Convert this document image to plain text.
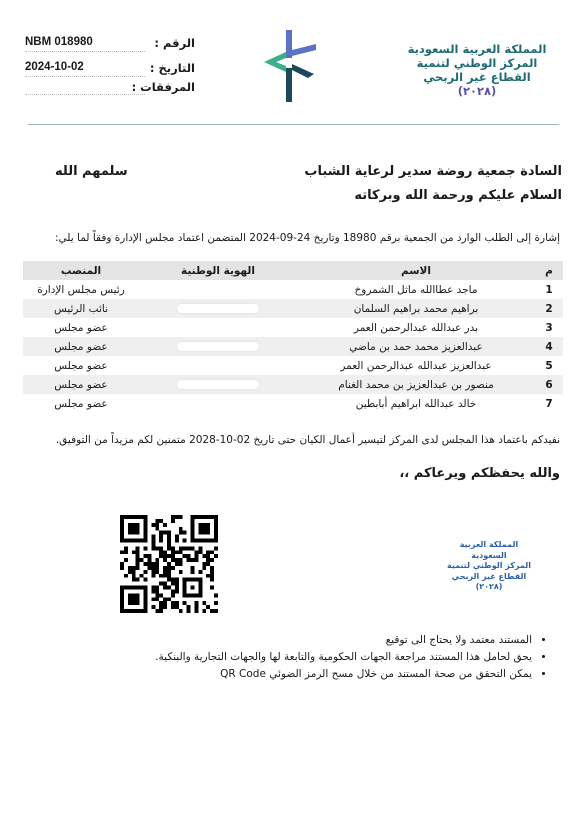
NBM 018980	الرقم :
2024-10-02	التاريخ :
المرفقات :
المملكة العربية السعودية
المركز الوطني لتنمية
القطاع غير الربحي
(٢٠٢٨)
السادة جمعية روضة سدير لرعاية الشباب
سلمهم الله
السلام عليكم ورحمة الله وبركاته
إشارة إلى الطلب الوارد من الجمعية برقم 18980 وتاريخ 24-09-2024 المتضمن اعتماد مجلس الإدارة وفقاً لما يلي:
م	الاسم	الهوية الوطنية	المنصب
1	ماجد عطاالله ماثل الشمروخ		رئيس مجلس الإدارة
2	براهيم محمد براهيم السلمان		نائب الرئيس
3	بدر عبدالله عبدالرحمن العمر		عضو مجلس
4	عبدالعزيز محمد حمد بن ماضي		عضو مجلس
5	عبدالعزيز عبدالله عبدالرحمن العمر		عضو مجلس
6	منصور بن عبدالعزيز بن محمد الغنام		عضو مجلس
7	خالد عبدالله ابراهيم أبابطين		عضو مجلس
نفيدكم باعتماد هذا المجلس لدى المركز لتيسير أعمال الكيان حتى تاريخ 02-10-2028 متمنين لكم مزيداً من التوفيق.
والله يحفظكم ويرعاكم ،،
المملكة العربية السعودية
المركز الوطني لتنمية
القطاع غير الربحي
(٢٠٢٨)
• المستند معتمد ولا يحتاج الى توقيع
• يحق لحامل هذا المستند مراجعة الجهات الحكومية والتابعة لها والجهات التجارية والبنكية.
• يمكن التحقق من صحة المستند من خلال مسح الرمز الضوئي QR Code
